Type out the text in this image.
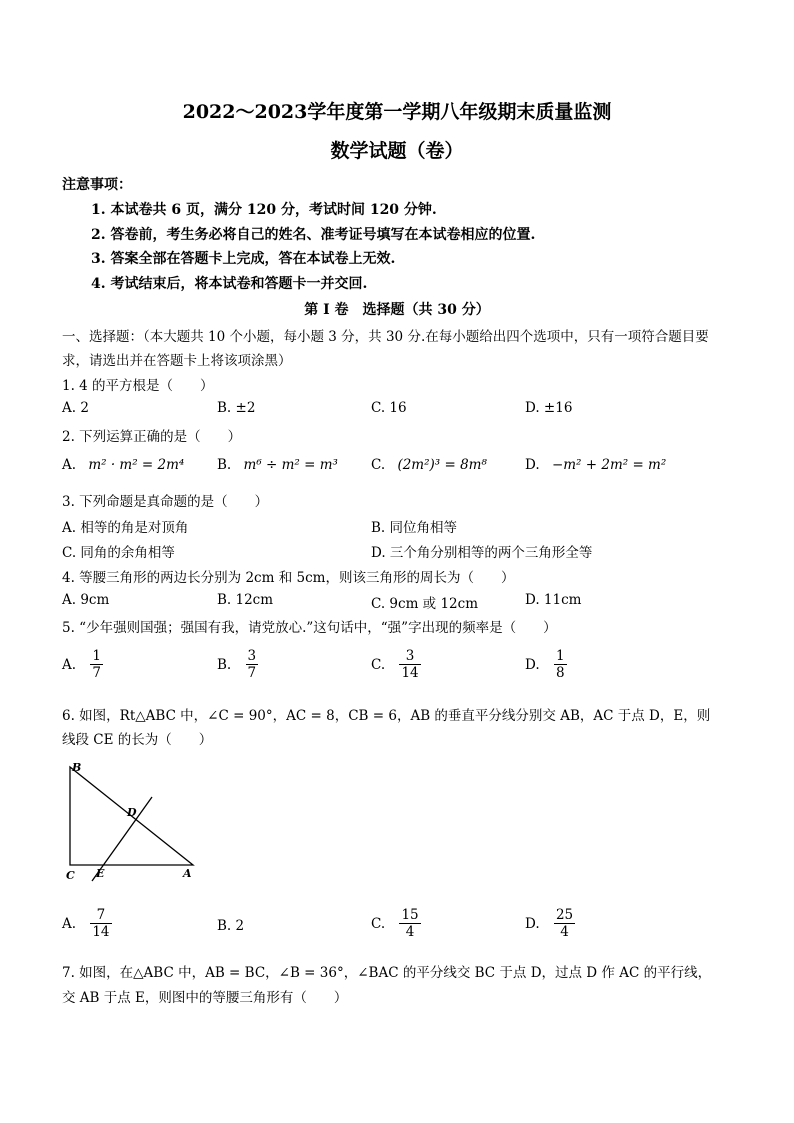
2022～2023学年度第一学期八年级期末质量监测
数学试题（卷）
注意事项：
1. 本试卷共 6 页，满分 120 分，考试时间 120 分钟.
2. 答卷前，考生务必将自己的姓名、准考证号填写在本试卷相应的位置.
3. 答案全部在答题卡上完成，答在本试卷上无效.
4. 考试结束后，将本试卷和答题卡一并交回.
第 I 卷　选择题（共 30 分）
一、选择题：（本大题共 10 个小题，每小题 3 分，共 30 分.在每小题给出四个选项中，只有一项符合题目要
求，请选出并在答题卡上将该项涂黑）
1. 4 的平方根是（　　）
A. 2	B. ±2	C. 16	D. ±16
2. 下列运算正确的是（　　）
A. m² · m² = 2m⁴ B. m⁶ ÷ m² = m³ C. (2m²)³ = 8m⁸	D. −m² + 2m² = m²
3. 下列命题是真命题的是（　　）
A. 相等的角是对顶角	B. 同位角相等
C. 同角的余角相等	D. 三个角分别相等的两个三角形全等
4. 等腰三角形的两边长分别为 2cm 和 5cm，则该三角形的周长为（　　）
A. 9cm	B. 12cm	C. 9cm 或 12cm	D. 11cm
5. “少年强则国强；强国有我，请党放心.”这句话中，“强”字出现的频率是（　　）
A. $\frac{1}{7}$	B. $\frac{3}{7}$	C. $\frac{3}{14}$	D. $\frac{1}{8}$
6. 如图，Rt△ABC 中，∠C = 90°，AC = 8，CB = 6，AB 的垂直平分线分别交 AB，AC 于点 D，E，则
线段 CE 的长为（　　）
B
D
C E	A
A. $\frac{7}{14}$	B. 2	C. $\frac{15}{4}$	D. $\frac{25}{4}$
7. 如图，在△ABC 中，AB = BC，∠B = 36°，∠BAC 的平分线交 BC 于点 D，过点 D 作 AC 的平行线，
交 AB 于点 E，则图中的等腰三角形有（　　）
